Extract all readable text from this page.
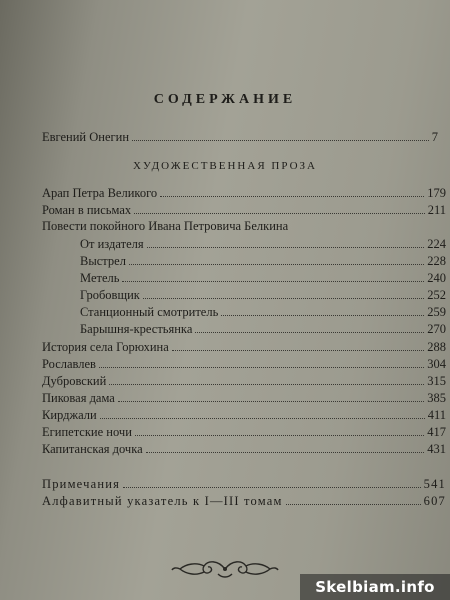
СОДЕРЖАНИЕ
ХУДОЖЕСТВЕННАЯ ПРОЗА
Евгений Онегин	7
Арап Петра Великого	179
Роман в письмах	211
Повести покойного Ивана Петровича Белкина
От издателя	224
Выстрел	228
Метель	240
Гробовщик	252
Станционный смотритель	259
Барышня-крестьянка	270
История села Горюхина	288
Рославлев	304
Дубровский	315
Пиковая дама	385
Кирджали	411
Египетские ночи	417
Капитанская дочка	431
Примечания	541
Алфавитный указатель к I—III томам	607
Skelbiam.info
